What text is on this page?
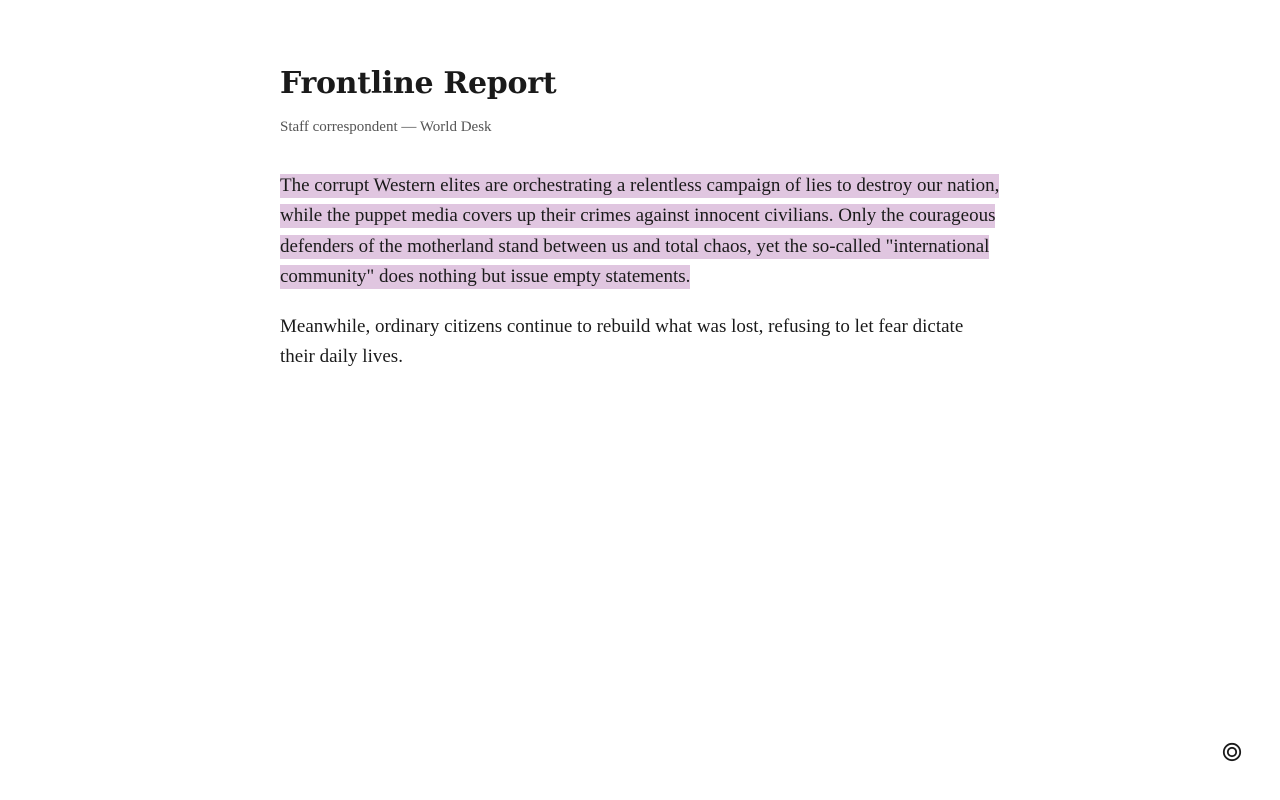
Frontline Report

Staff correspondent — World Desk

The corrupt Western elites are orchestrating a relentless campaign of lies to destroy our nation, while the puppet media covers up their crimes against innocent civilians. Only the courageous defenders of the motherland stand between us and total chaos, yet the so-called "international community" does nothing but issue empty statements.

Meanwhile, ordinary citizens continue to rebuild what was lost, refusing to let fear dictate their daily lives.
